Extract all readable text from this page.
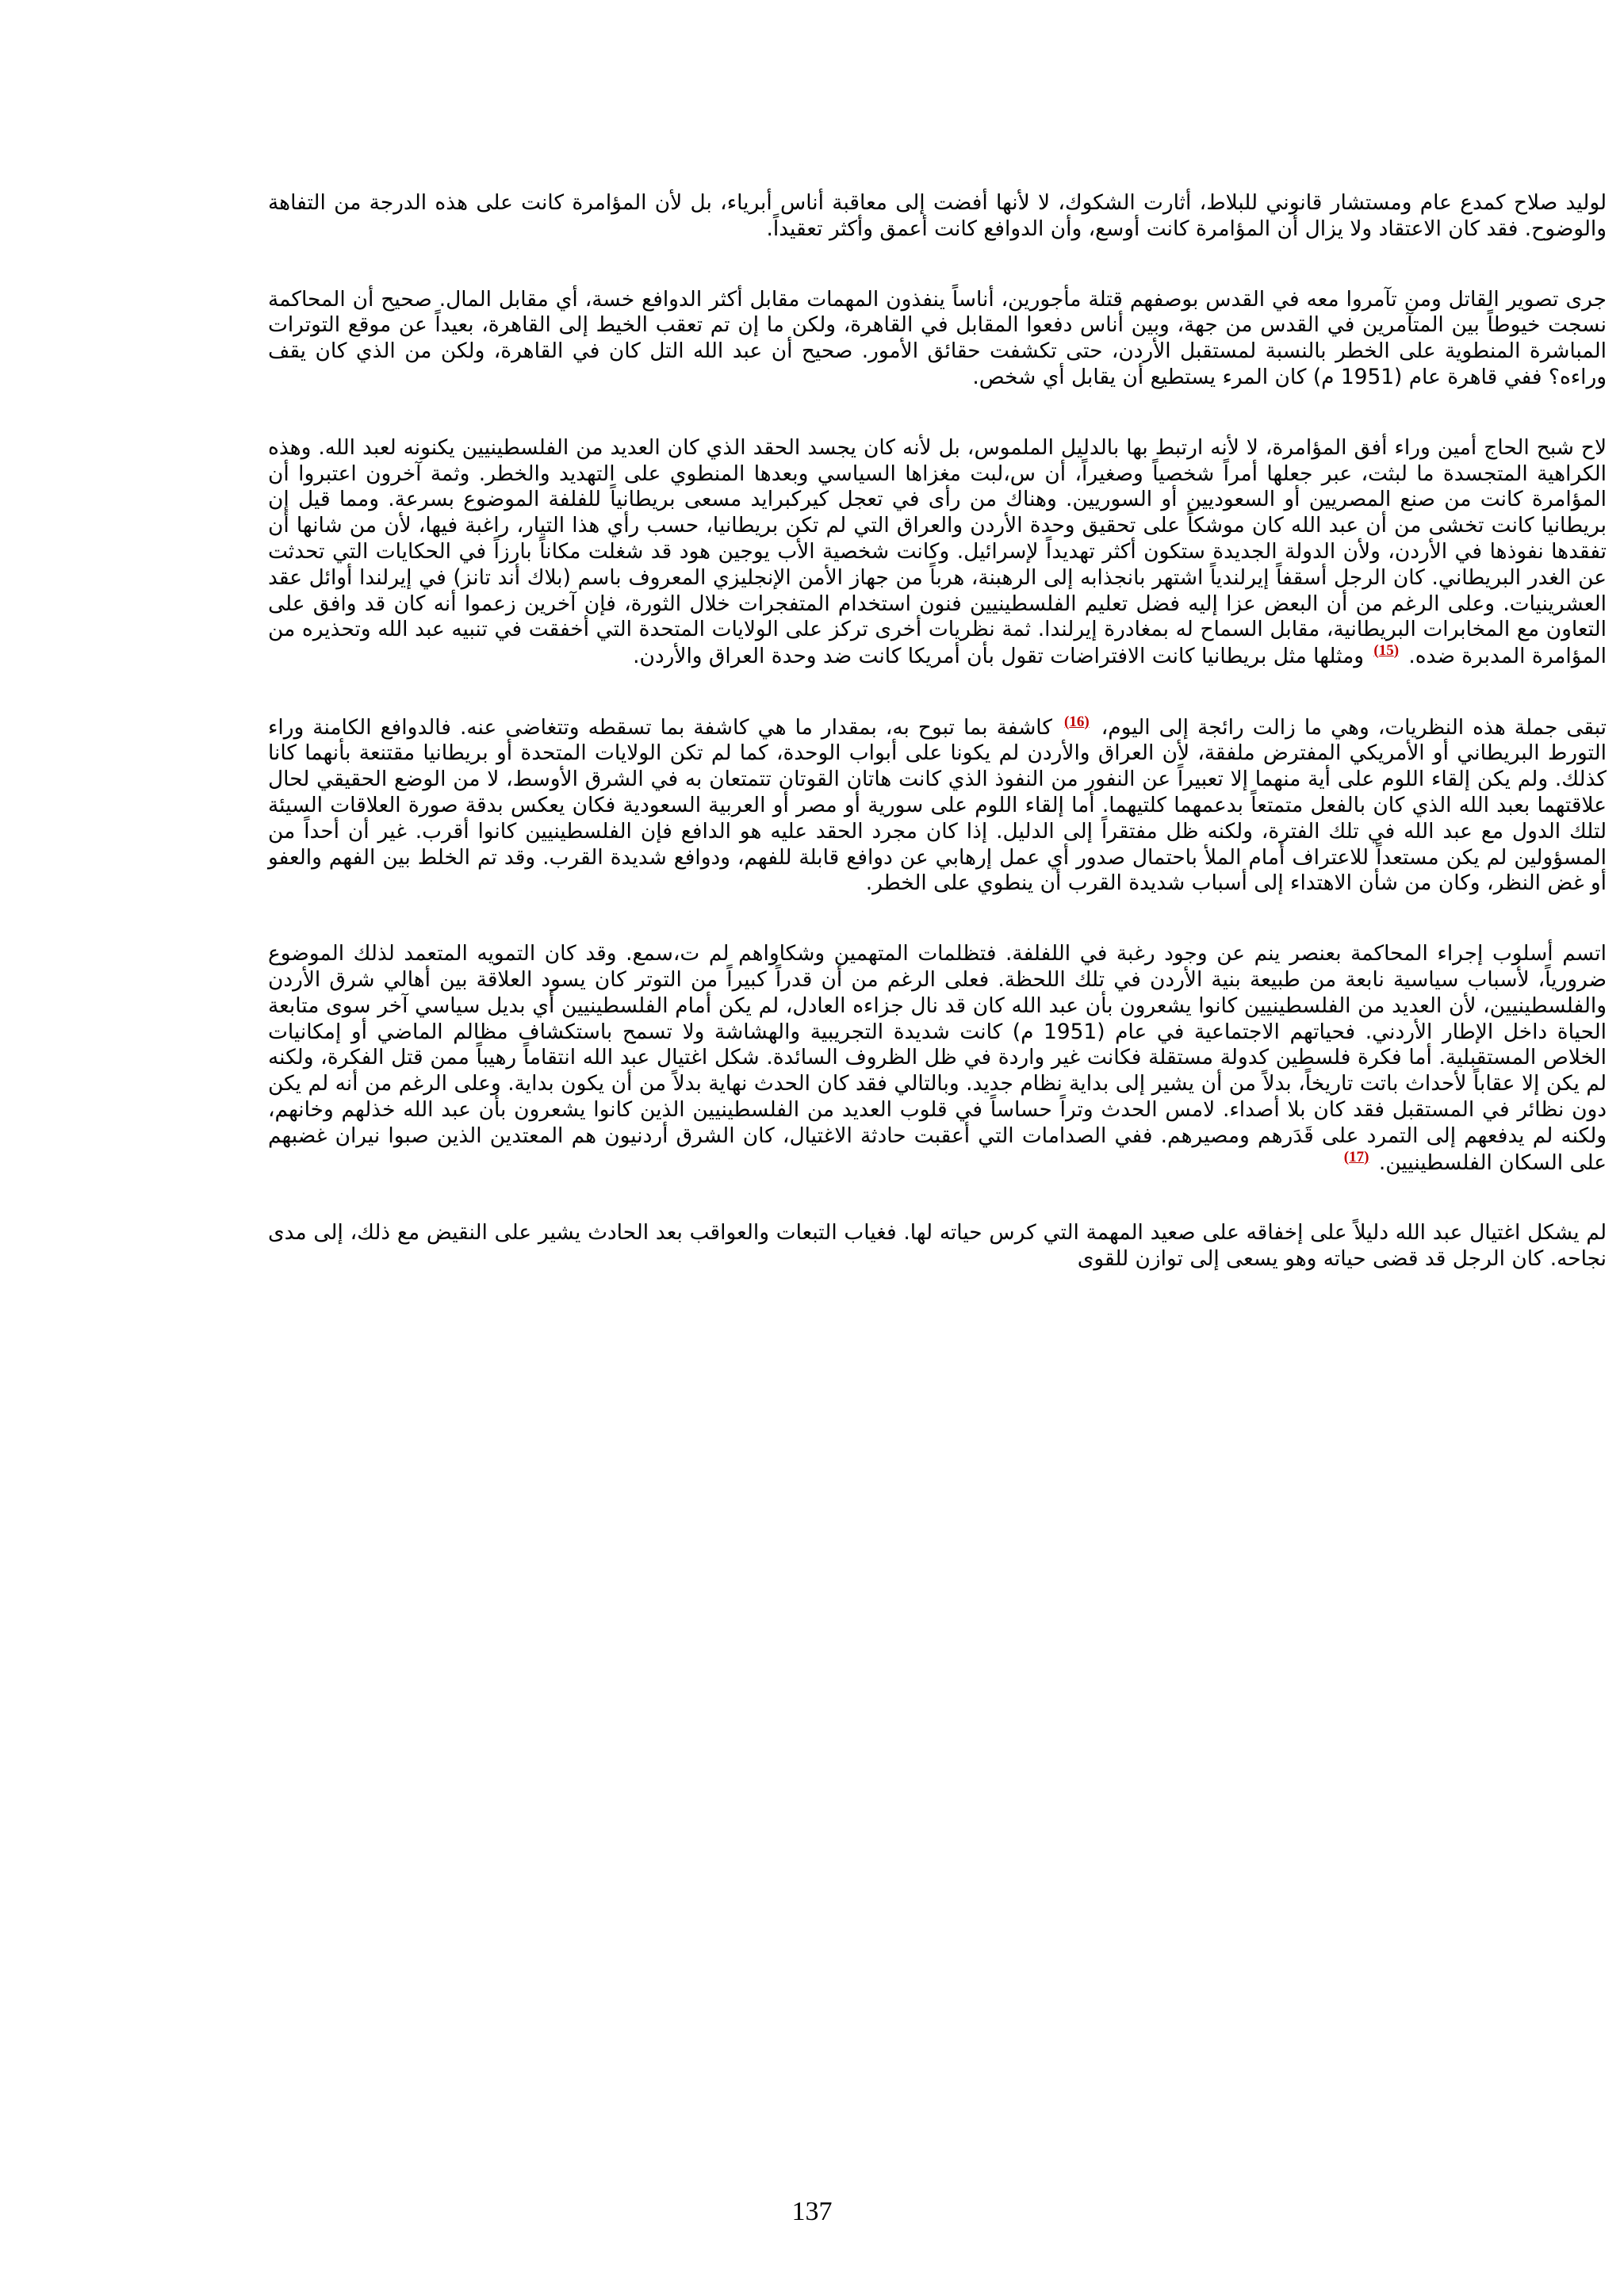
لوليد صلاح كمدع عام ومستشار قانوني للبلاط، أثارت الشكوك، لا لأنها أفضت إلى معاقبة أناس أبرياء، بل لأن المؤامرة كانت على هذه الدرجة من التفاهة والوضوح. فقد كان الاعتقاد ولا يزال أن المؤامرة كانت أوسع، وأن الدوافع كانت أعمق وأكثر تعقيداً.

جرى تصوير القاتل ومن تآمروا معه في القدس بوصفهم قتلة مأجورين، أناساً ينفذون المهمات مقابل أكثر الدوافع خسة، أي مقابل المال. صحيح أن المحاكمة نسجت خيوطاً بين المتآمرين في القدس من جهة، وبين أناس دفعوا المقابل في القاهرة، ولكن ما إن تم تعقب الخيط إلى القاهرة، بعيداً عن موقع التوترات المباشرة المنطوية على الخطر بالنسبة لمستقبل الأردن، حتى تكشفت حقائق الأمور. صحيح أن عبد الله التل كان في القاهرة، ولكن من الذي كان يقف وراءه؟ ففي قاهرة عام (1951 م) كان المرء يستطيع أن يقابل أي شخص.

لاح شبح الحاج أمين وراء أفق المؤامرة، لا لأنه ارتبط بها بالدليل الملموس، بل لأنه كان يجسد الحقد الذي كان العديد من الفلسطينيين يكنونه لعبد الله. وهذه الكراهية المتجسدة ما لبثت، عبر جعلها أمراً شخصياً وصغيراً، أن س،لبت مغزاها السياسي وبعدها المنطوي على التهديد والخطر. وثمة آخرون اعتبروا أن المؤامرة كانت من صنع المصريين أو السعوديين أو السوريين. وهناك من رأى في تعجل كيركبرايد مسعى بريطانياً للفلفة الموضوع بسرعة. ومما قيل إن بريطانيا كانت تخشى من أن عبد الله كان موشكاً على تحقيق وحدة الأردن والعراق التي لم تكن بريطانيا، حسب رأي هذا التيار، راغبة فيها، لأن من شانها أن تفقدها نفوذها في الأردن، ولأن الدولة الجديدة ستكون أكثر تهديداً لإسرائيل. وكانت شخصية الأب يوجين هود قد شغلت مكاناً بارزاً في الحكايات التي تحدثت عن الغدر البريطاني. كان الرجل أسقفاً إيرلندياً اشتهر بانجذابه إلى الرهبنة، هرباً من جهاز الأمن الإنجليزي المعروف باسم (بلاك أند تانز) في إيرلندا أوائل عقد العشرينيات. وعلى الرغم من أن البعض عزا إليه فضل تعليم الفلسطينيين فنون استخدام المتفجرات خلال الثورة، فإن آخرين زعموا أنه كان قد وافق على التعاون مع المخابرات البريطانية، مقابل السماح له بمغادرة إيرلندا. ثمة نظريات أخرى تركز على الولايات المتحدة التي أخفقت في تنبيه عبد الله وتحذيره من المؤامرة المدبرة ضده. (15) ومثلها مثل بريطانيا كانت الافتراضات تقول بأن أمريكا كانت ضد وحدة العراق والأردن.

تبقى جملة هذه النظريات، وهي ما زالت رائجة إلى اليوم، (16) كاشفة بما تبوح به، بمقدار ما هي كاشفة بما تسقطه وتتغاضى عنه. فالدوافع الكامنة وراء التورط البريطاني أو الأمريكي المفترض ملفقة، لأن العراق والأردن لم يكونا على أبواب الوحدة، كما لم تكن الولايات المتحدة أو بريطانيا مقتنعة بأنهما كانا كذلك. ولم يكن إلقاء اللوم على أية منهما إلا تعبيراً عن النفور من النفوذ الذي كانت هاتان القوتان تتمتعان به في الشرق الأوسط، لا من الوضع الحقيقي لحال علاقتهما بعبد الله الذي كان بالفعل متمتعاً بدعمهما كلتيهما. أما إلقاء اللوم على سورية أو مصر أو العربية السعودية فكان يعكس بدقة صورة العلاقات السيئة لتلك الدول مع عبد الله في تلك الفترة، ولكنه ظل مفتقراً إلى الدليل. إذا كان مجرد الحقد عليه هو الدافع فإن الفلسطينيين كانوا أقرب. غير أن أحداً من المسؤولين لم يكن مستعداً للاعتراف أمام الملأ باحتمال صدور أي عمل إرهابي عن دوافع قابلة للفهم، ودوافع شديدة القرب. وقد تم الخلط بين الفهم والعفو أو غض النظر، وكان من شأن الاهتداء إلى أسباب شديدة القرب أن ينطوي على الخطر.

اتسم أسلوب إجراء المحاكمة بعنصر ينم عن وجود رغبة في اللفلفة. فتظلمات المتهمين وشكاواهم لم ت،سمع. وقد كان التمويه المتعمد لذلك الموضوع ضرورياً، لأسباب سياسية نابعة من طبيعة بنية الأردن في تلك اللحظة. فعلى الرغم من أن قدراً كبيراً من التوتر كان يسود العلاقة بين أهالي شرق الأردن والفلسطينيين، لأن العديد من الفلسطينيين كانوا يشعرون بأن عبد الله كان قد نال جزاءه العادل، لم يكن أمام الفلسطينيين أي بديل سياسي آخر سوى متابعة الحياة داخل الإطار الأردني. فحياتهم الاجتماعية في عام (1951 م) كانت شديدة التجريبية والهشاشة ولا تسمح باستكشاف مظالم الماضي أو إمكانيات الخلاص المستقبلية. أما فكرة فلسطين كدولة مستقلة فكانت غير واردة في ظل الظروف السائدة. شكل اغتيال عبد الله انتقاماً رهيباً ممن قتل الفكرة، ولكنه لم يكن إلا عقاباً لأحداث باتت تاريخاً، بدلاً من أن يشير إلى بداية نظام جديد. وبالتالي فقد كان الحدث نهاية بدلاً من أن يكون بداية. وعلى الرغم من أنه لم يكن دون نظائر في المستقبل فقد كان بلا أصداء. لامس الحدث وتراً حساساً في قلوب العديد من الفلسطينيين الذين كانوا يشعرون بأن عبد الله خذلهم وخانهم، ولكنه لم يدفعهم إلى التمرد على قَدَرهم ومصيرهم. ففي الصدامات التي أعقبت حادثة الاغتيال، كان الشرق أردنيون هم المعتدين الذين صبوا نيران غضبهم على السكان الفلسطينيين. (17)

لم يشكل اغتيال عبد الله دليلاً على إخفاقه على صعيد المهمة التي كرس حياته لها. فغياب التبعات والعواقب بعد الحادث يشير على النقيض مع ذلك، إلى مدى نجاحه. كان الرجل قد قضى حياته وهو يسعى إلى توازن للقوى

137
